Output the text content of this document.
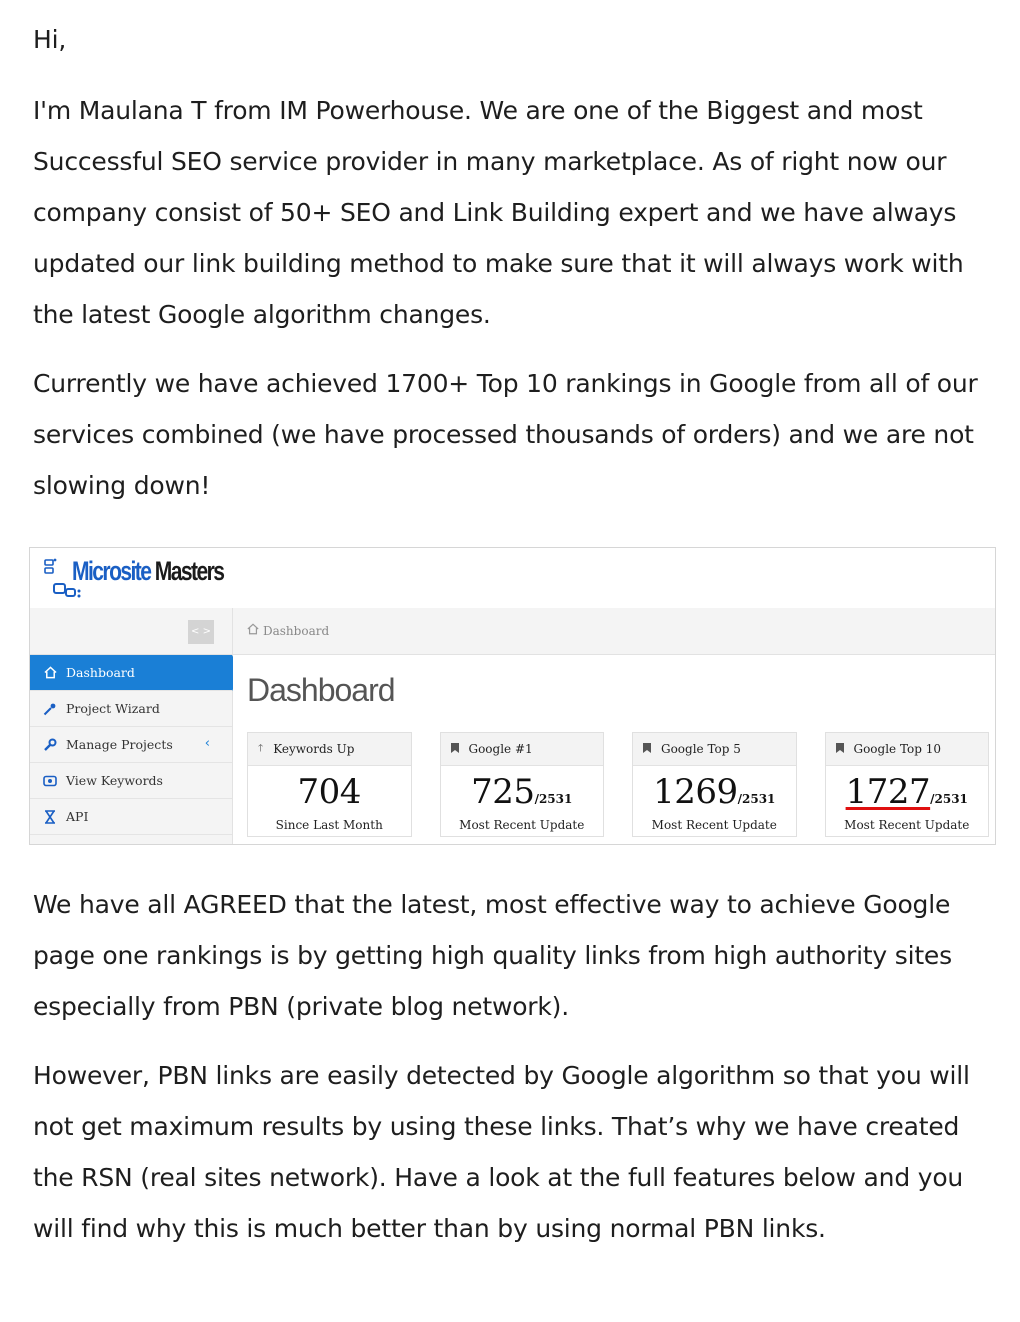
Hi,

I'm Maulana T from IM Powerhouse. We are one of the Biggest and most Successful SEO service provider in many marketplace. As of right now our company consist of 50+ SEO and Link Building expert and we have always updated our link building method to make sure that it will always work with the latest Google algorithm changes.

Currently we have achieved 1700+ Top 10 rankings in Google from all of our services combined (we have processed thousands of orders) and we are not slowing down!

Microsite Masters
< >
Dashboard
Project Wizard
Manage Projects ‹
View Keywords
API
Dashboard
Dashboard
🡑 Keywords Up
704
Since Last Month
Google #1
725/2531
Most Recent Update
Google Top 5
1269/2531
Most Recent Update
Google Top 10
1727/2531
Most Recent Update

We have all AGREED that the latest, most effective way to achieve Google page one rankings is by getting high quality links from high authority sites especially from PBN (private blog network).

However, PBN links are easily detected by Google algorithm so that you will not get maximum results by using these links. That’s why we have created the RSN (real sites network). Have a look at the full features below and you will find why this is much better than by using normal PBN links.
